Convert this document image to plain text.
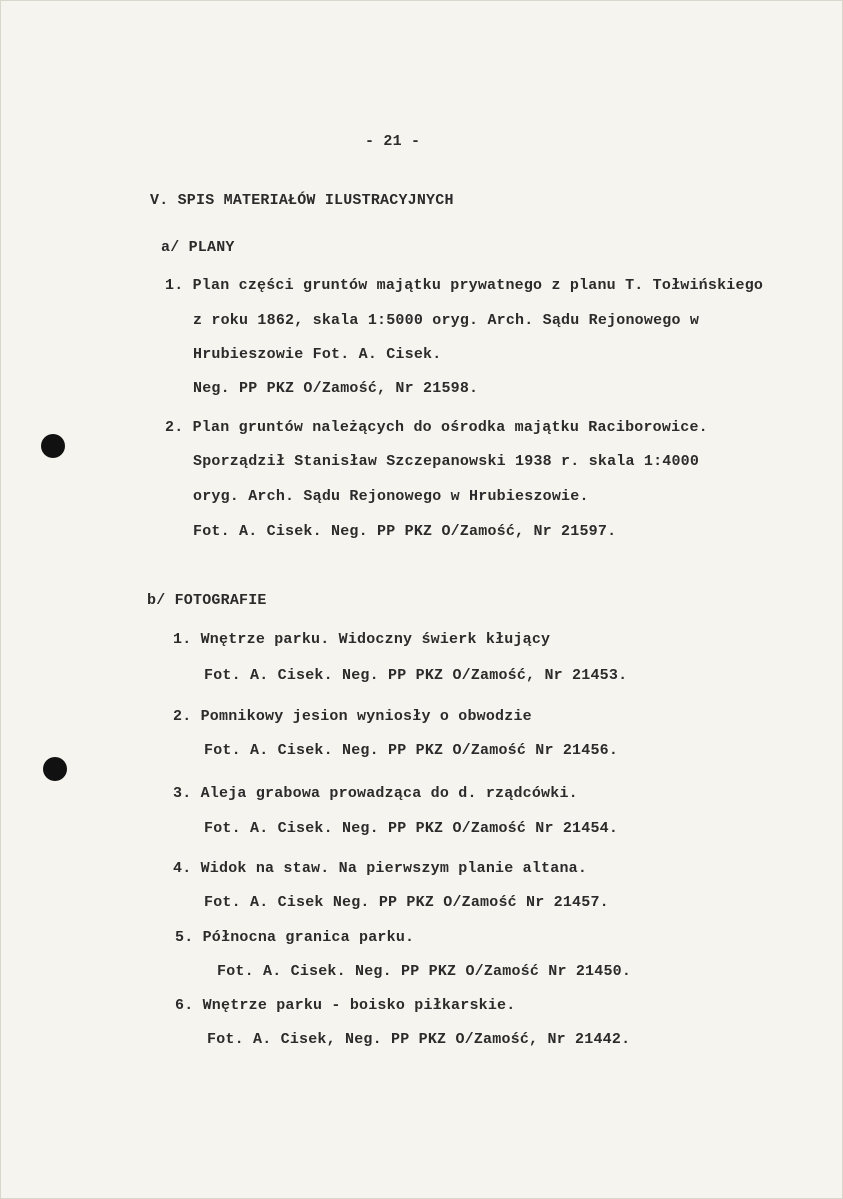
- 21 -
V. SPIS MATERIAŁÓW ILUSTRACYJNYCH
a/ PLANY
1. Plan części gruntów majątku prywatnego z planu T. Tołwińskiego
z roku 1862, skala 1:5000 oryg. Arch. Sądu Rejonowego w
Hrubieszowie Fot. A. Cisek.
Neg. PP PKZ O/Zamość, Nr 21598.
2. Plan gruntów należących do ośrodka majątku Raciborowice.
Sporządził Stanisław Szczepanowski 1938 r. skala 1:4000
oryg. Arch. Sądu Rejonowego w Hrubieszowie.
Fot. A. Cisek. Neg. PP PKZ O/Zamość, Nr 21597.
b/ FOTOGRAFIE
1. Wnętrze parku. Widoczny świerk kłujący
Fot. A. Cisek. Neg. PP PKZ O/Zamość, Nr 21453.
2. Pomnikowy jesion wyniosły o obwodzie
Fot. A. Cisek. Neg. PP PKZ O/Zamość Nr 21456.
3. Aleja grabowa prowadząca do d. rządcówki.
Fot. A. Cisek. Neg. PP PKZ O/Zamość Nr 21454.
4. Widok na staw. Na pierwszym planie altana.
Fot. A. Cisek Neg. PP PKZ O/Zamość Nr 21457.
5. Północna granica parku.
Fot. A. Cisek. Neg. PP PKZ O/Zamość Nr 21450.
6. Wnętrze parku - boisko piłkarskie.
Fot. A. Cisek, Neg. PP PKZ O/Zamość, Nr 21442.
